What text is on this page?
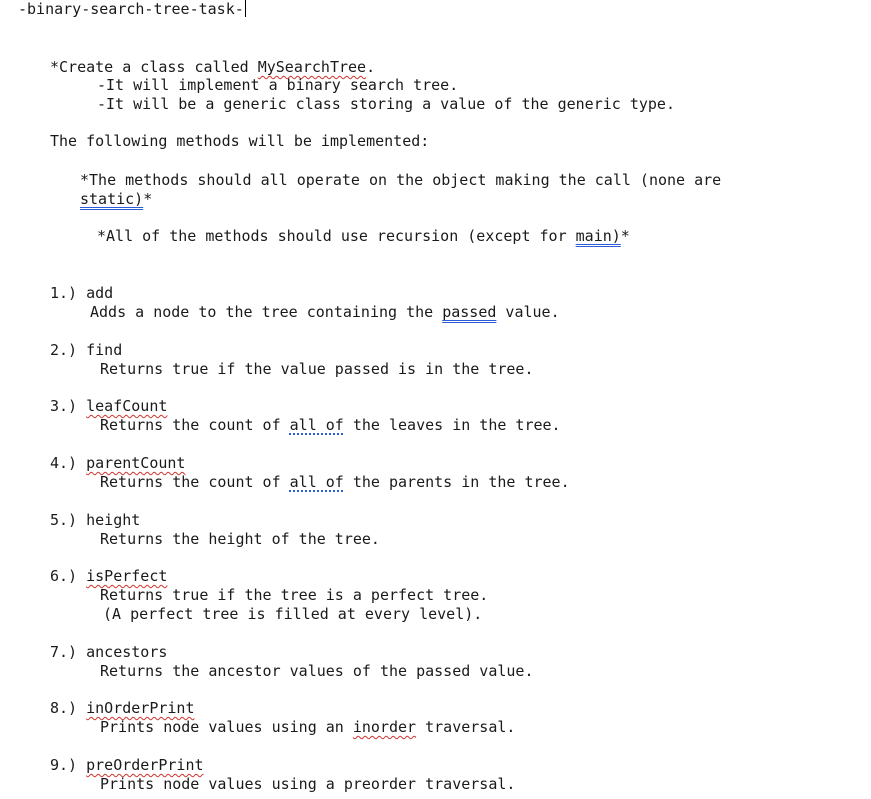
-binary-search-tree-task-
*Create a class called MySearchTree.
-It will implement a binary search tree.
-It will be a generic class storing a value of the generic type.
The following methods will be implemented:
*The methods should all operate on the object making the call (none are
static)*
*All of the methods should use recursion (except for main)*
1.) add
Adds a node to the tree containing the passed value.
2.) find
Returns true if the value passed is in the tree.
3.) leafCount
Returns the count of all of the leaves in the tree.
4.) parentCount
Returns the count of all of the parents in the tree.
5.) height
Returns the height of the tree.
6.) isPerfect
Returns true if the tree is a perfect tree.
(A perfect tree is filled at every level).
7.) ancestors
Returns the ancestor values of the passed value.
8.) inOrderPrint
Prints node values using an inorder traversal.
9.) preOrderPrint
Prints node values using a preorder traversal.
